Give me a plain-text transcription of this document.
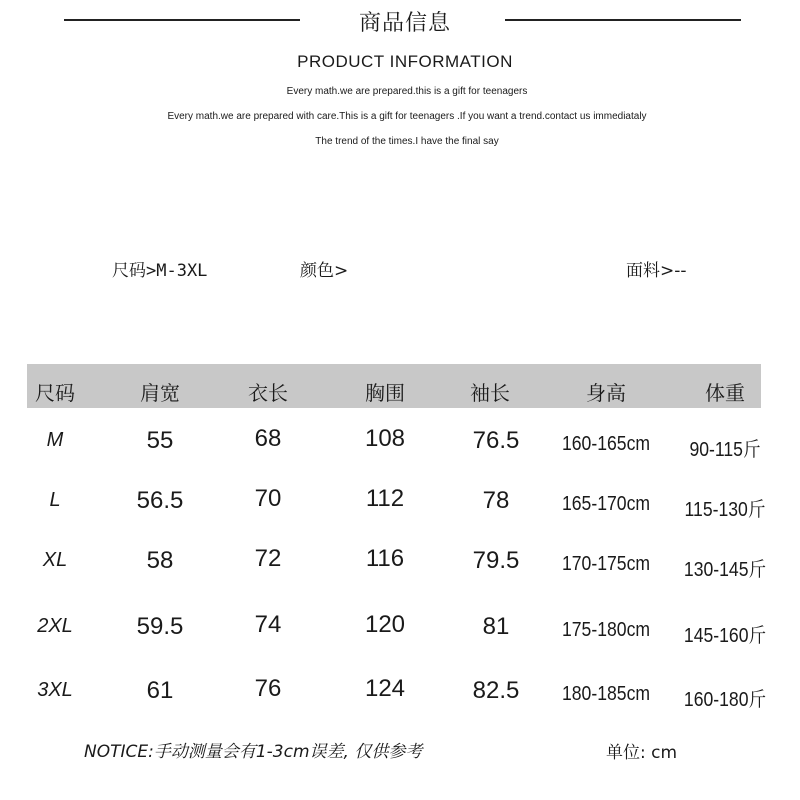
商品信息
PRODUCT INFORMATION
Every math.we are prepared.this is a gift for teenagers
Every math.we are prepared with care.This is a gift for teenagers .If you want a trend.contact us immediataly
The trend of the times.I have the final say
尺码>M-3XL	颜色>	面料>--
尺码	肩宽	衣长	胸围	袖长	身高	体重
M	55	68	108	76.5 160-165cm 90-115斤
L	56.5	70	112	78	165-170cm 115-130斤
XL	58	72	116	79.5 170-175cm 130-145斤
2XL	59.5	74	120	81	175-180cm 145-160斤
3XL	61	76	124	82.5 180-185cm 160-180斤
NOTICE:手动测量会有1-3cm误差, 仅供参考	单位: cm
